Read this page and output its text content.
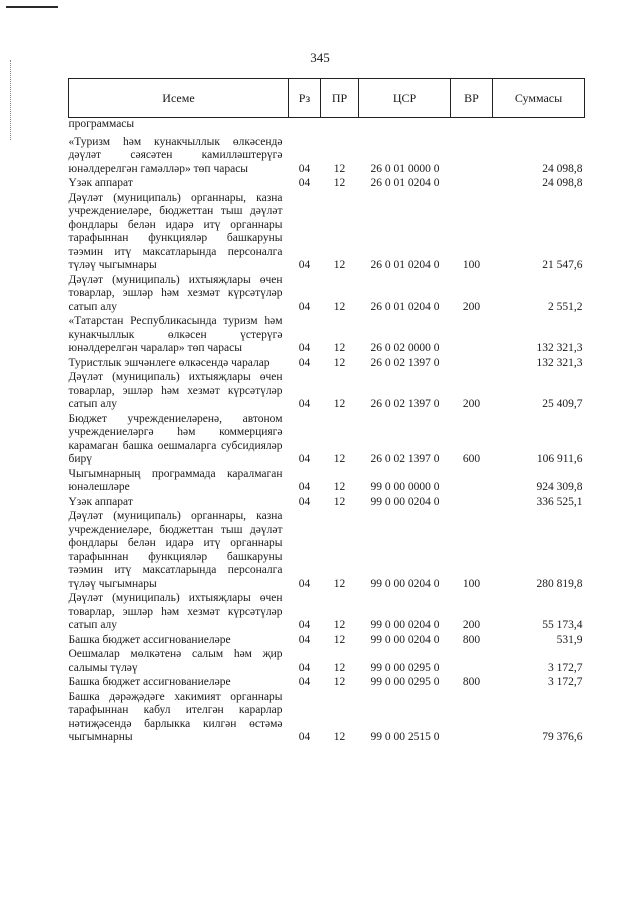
345
Исеме	Рз	ПР	ЦСР	ВР	Суммасы
программасы					

«Туризм һәм кунакчыллык өлкәсендә дәүләт сәясәтен камилләштерүгә юнәлдерелгән гамәлләр» төп чарасы	04	12	26 0 01 0000 0		24 098,8
Үзәк аппарат	04	12	26 0 01 0204 0		24 098,8
Дәүләт (муниципаль) органнары, казна учреждениеләре, бюджеттан тыш дәүләт фондлары белән идарә итү органнары тарафыннан функцияләр башкаруны тәэмин итү максатларында персоналга түләү чыгымнары	04	12	26 0 01 0204 0	100	21 547,6
Дәүләт (муниципаль) ихтыяҗлары өчен товарлар, эшләр һәм хезмәт күрсәтүләр сатып алу	04	12	26 0 01 0204 0	200	2 551,2
«Татарстан Республикасында туризм һәм кунакчыллык өлкәсен үстерүгә юнәлдерелгән чаралар» төп чарасы	04	12	26 0 02 0000 0		132 321,3
Туристлык эшчәнлеге өлкәсендә чаралар	04	12	26 0 02 1397 0		132 321,3
Дәүләт (муниципаль) ихтыяҗлары өчен товарлар, эшләр һәм хезмәт күрсәтүләр сатып алу	04	12	26 0 02 1397 0	200	25 409,7
Бюджет учреждениеләренә, автоном учреждениеләргә һәм коммерциягә карамаган башка оешмаларга субсидияләр бирү	04	12	26 0 02 1397 0	600	106 911,6
Чыгымнарның программада каралмаган юнәлешләре	04	12	99 0 00 0000 0		924 309,8
Үзәк аппарат	04	12	99 0 00 0204 0		336 525,1
Дәүләт (муниципаль) органнары, казна учреждениеләре, бюджеттан тыш дәүләт фондлары белән идарә итү органнары тарафыннан функцияләр башкаруны тәэмин итү максатларында персоналга түләү чыгымнары	04	12	99 0 00 0204 0	100	280 819,8
Дәүләт (муниципаль) ихтыяҗлары өчен товарлар, эшләр һәм хезмәт күрсәтүләр сатып алу	04	12	99 0 00 0204 0	200	55 173,4
Башка бюджет ассигнованиеләре	04	12	99 0 00 0204 0	800	531,9
Оешмалар мөлкәтенә салым һәм җир салымы түләү	04	12	99 0 00 0295 0		3 172,7
Башка бюджет ассигнованиеләре	04	12	99 0 00 0295 0	800	3 172,7
Башка дәрәҗәдәге хакимият органнары тарафыннан кабул ителгән карарлар нәтиҗәсендә барлыкка килгән өстәмә чыгымнарны	04	12	99 0 00 2515 0		79 376,6
